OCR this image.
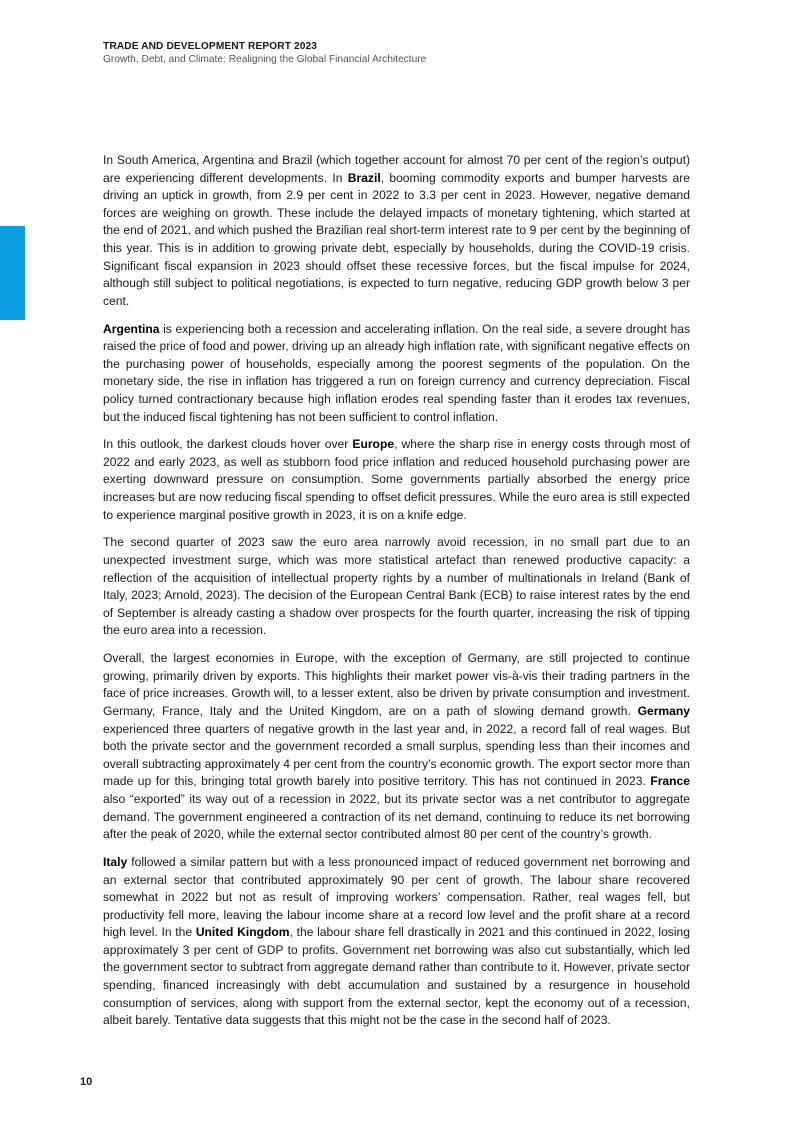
TRADE AND DEVELOPMENT REPORT 2023
Growth, Debt, and Climate: Realigning the Global Financial Architecture

In South America, Argentina and Brazil (which together account for almost 70 per cent of the region’s output) are experiencing different developments. In Brazil, booming commodity exports and bumper harvests are driving an uptick in growth, from 2.9 per cent in 2022 to 3.3 per cent in 2023. However, negative demand forces are weighing on growth. These include the delayed impacts of monetary tightening, which started at the end of 2021, and which pushed the Brazilian real short-term interest rate to 9 per cent by the beginning of this year. This is in addition to growing private debt, especially by households, during the COVID-19 crisis. Significant fiscal expansion in 2023 should offset these recessive forces, but the fiscal impulse for 2024, although still subject to political negotiations, is expected to turn negative, reducing GDP growth below 3 per cent.

Argentina is experiencing both a recession and accelerating inflation. On the real side, a severe drought has raised the price of food and power, driving up an already high inflation rate, with significant negative effects on the purchasing power of households, especially among the poorest segments of the population. On the monetary side, the rise in inflation has triggered a run on foreign currency and currency depreciation. Fiscal policy turned contractionary because high inflation erodes real spending faster than it erodes tax revenues, but the induced fiscal tightening has not been sufficient to control inflation.

In this outlook, the darkest clouds hover over Europe, where the sharp rise in energy costs through most of 2022 and early 2023, as well as stubborn food price inflation and reduced household purchasing power are exerting downward pressure on consumption. Some governments partially absorbed the energy price increases but are now reducing fiscal spending to offset deficit pressures. While the euro area is still expected to experience marginal positive growth in 2023, it is on a knife edge.

The second quarter of 2023 saw the euro area narrowly avoid recession, in no small part due to an unexpected investment surge, which was more statistical artefact than renewed productive capacity: a reflection of the acquisition of intellectual property rights by a number of multinationals in Ireland (Bank of Italy, 2023; Arnold, 2023). The decision of the European Central Bank (ECB) to raise interest rates by the end of September is already casting a shadow over prospects for the fourth quarter, increasing the risk of tipping the euro area into a recession.

Overall, the largest economies in Europe, with the exception of Germany, are still projected to continue growing, primarily driven by exports. This highlights their market power vis-à-vis their trading partners in the face of price increases. Growth will, to a lesser extent, also be driven by private consumption and investment. Germany, France, Italy and the United Kingdom, are on a path of slowing demand growth. Germany experienced three quarters of negative growth in the last year and, in 2022, a record fall of real wages. But both the private sector and the government recorded a small surplus, spending less than their incomes and overall subtracting approximately 4 per cent from the country’s economic growth. The export sector more than made up for this, bringing total growth barely into positive territory. This has not continued in 2023. France also “exported” its way out of a recession in 2022, but its private sector was a net contributor to aggregate demand. The government engineered a contraction of its net demand, continuing to reduce its net borrowing after the peak of 2020, while the external sector contributed almost 80 per cent of the country’s growth.

Italy followed a similar pattern but with a less pronounced impact of reduced government net borrowing and an external sector that contributed approximately 90 per cent of growth. The labour share recovered somewhat in 2022 but not as result of improving workers’ compensation. Rather, real wages fell, but productivity fell more, leaving the labour income share at a record low level and the profit share at a record high level. In the United Kingdom, the labour share fell drastically in 2021 and this continued in 2022, losing approximately 3 per cent of GDP to profits. Government net borrowing was also cut substantially, which led the government sector to subtract from aggregate demand rather than contribute to it. However, private sector spending, financed increasingly with debt accumulation and sustained by a resurgence in household consumption of services, along with support from the external sector, kept the economy out of a recession, albeit barely. Tentative data suggests that this might not be the case in the second half of 2023.

10
